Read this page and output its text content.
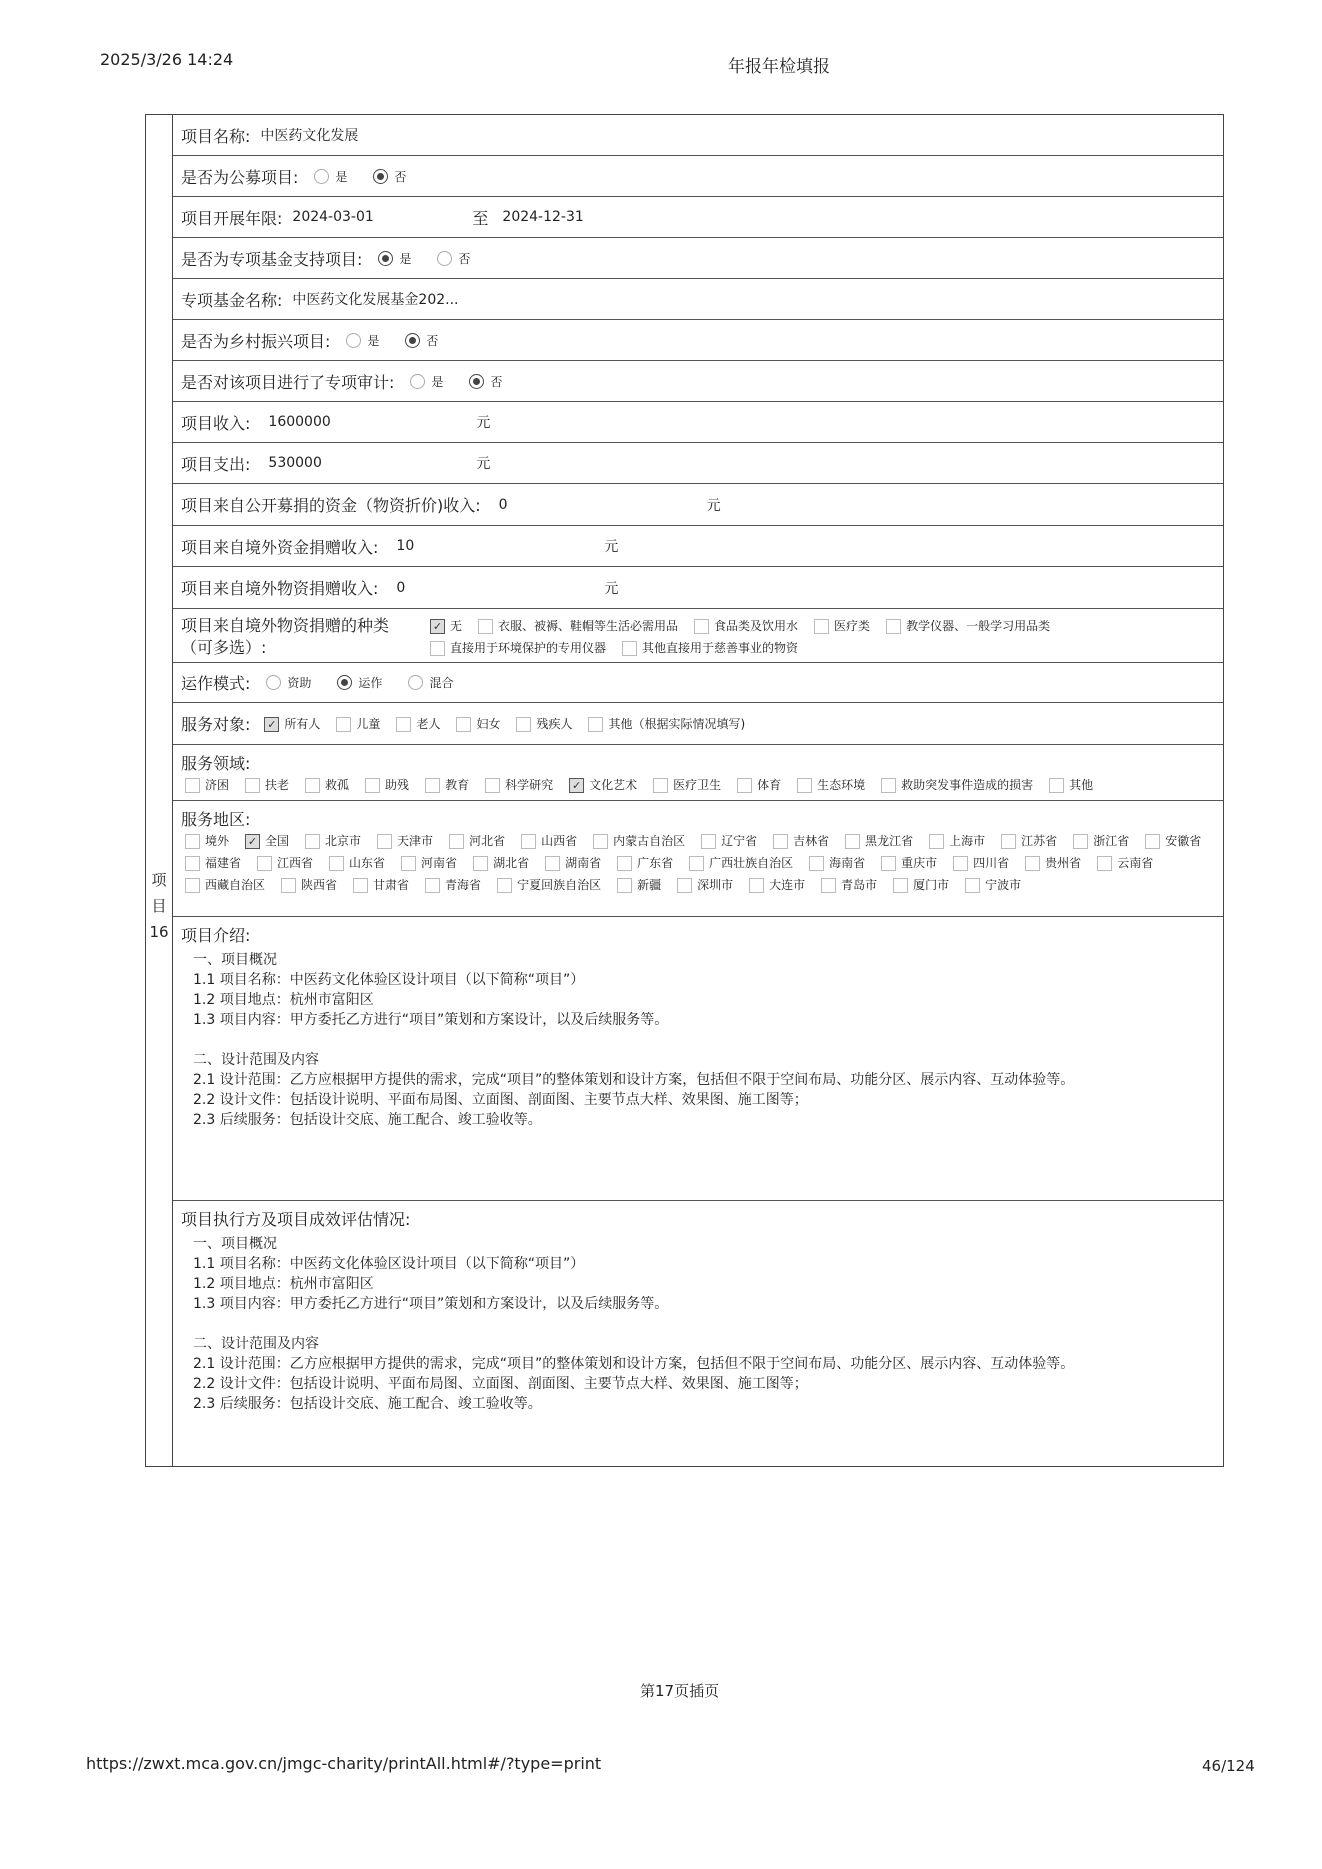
2025/3/26 14:24	年报年检填报
项目16
项目名称: 中医药文化发展
是否为公募项目:	是	否
项目开展年限: 2024-03-01	至 2024-12-31
是否为专项基金支持项目:	是	否
专项基金名称: 中医药文化发展基金202...
是否为乡村振兴项目:	是	否
是否对该项目进行了专项审计:	是	否
项目收入:	1600000	元
项目支出:	530000	元
项目来自公开募捐的资金（物资折价)收入:	0	元
项目来自境外资金捐赠收入:	10	元
项目来自境外物资捐赠收入:	0	元
项目来自境外物资捐赠的种类（可多选）:
✓ 无	衣服、被褥、鞋帽等生活必需用品	食品类及饮用水	医疗类	教学仪器、一般学习用品类
直接用于环境保护的专用仪器	其他直接用于慈善事业的物资
运作模式:	资助	运作	混合
服务对象:	✓ 所有人	儿童	老人	妇女	残疾人	其他（根据实际情况填写)
服务领域:
济困	扶老	救孤	助残	教育	科学研究	✓ 文化艺术	医疗卫生	体育	生态环境	救助突发事件造成的损害	其他
服务地区:
境外	✓ 全国	北京市	天津市	河北省	山西省	内蒙古自治区	辽宁省	吉林省	黑龙江省	上海市	江苏省	浙江省	安徽省
福建省	江西省	山东省	河南省	湖北省	湖南省	广东省	广西壮族自治区	海南省	重庆市	四川省	贵州省	云南省
西藏自治区	陕西省	甘肃省	青海省	宁夏回族自治区	新疆	深圳市	大连市	青岛市	厦门市	宁波市
项目介绍:
一、项目概况
1.1 项目名称：中医药文化体验区设计项目（以下简称“项目”）
1.2 项目地点：杭州市富阳区
1.3 项目内容：甲方委托乙方进行“项目”策划和方案设计，以及后续服务等。
二、设计范围及内容
2.1 设计范围：乙方应根据甲方提供的需求，完成“项目”的整体策划和设计方案，包括但不限于空间布局、功能分区、展示内容、互动体验等。
2.2 设计文件：包括设计说明、平面布局图、立面图、剖面图、主要节点大样、效果图、施工图等；
2.3 后续服务：包括设计交底、施工配合、竣工验收等。
项目执行方及项目成效评估情况:
一、项目概况
1.1 项目名称：中医药文化体验区设计项目（以下简称“项目”）
1.2 项目地点：杭州市富阳区
1.3 项目内容：甲方委托乙方进行“项目”策划和方案设计，以及后续服务等。
二、设计范围及内容
2.1 设计范围：乙方应根据甲方提供的需求，完成“项目”的整体策划和设计方案，包括但不限于空间布局、功能分区、展示内容、互动体验等。
2.2 设计文件：包括设计说明、平面布局图、立面图、剖面图、主要节点大样、效果图、施工图等；
2.3 后续服务：包括设计交底、施工配合、竣工验收等。
第17页插页
https://zwxt.mca.gov.cn/jmgc-charity/printAll.html#/?type=print	46/124
